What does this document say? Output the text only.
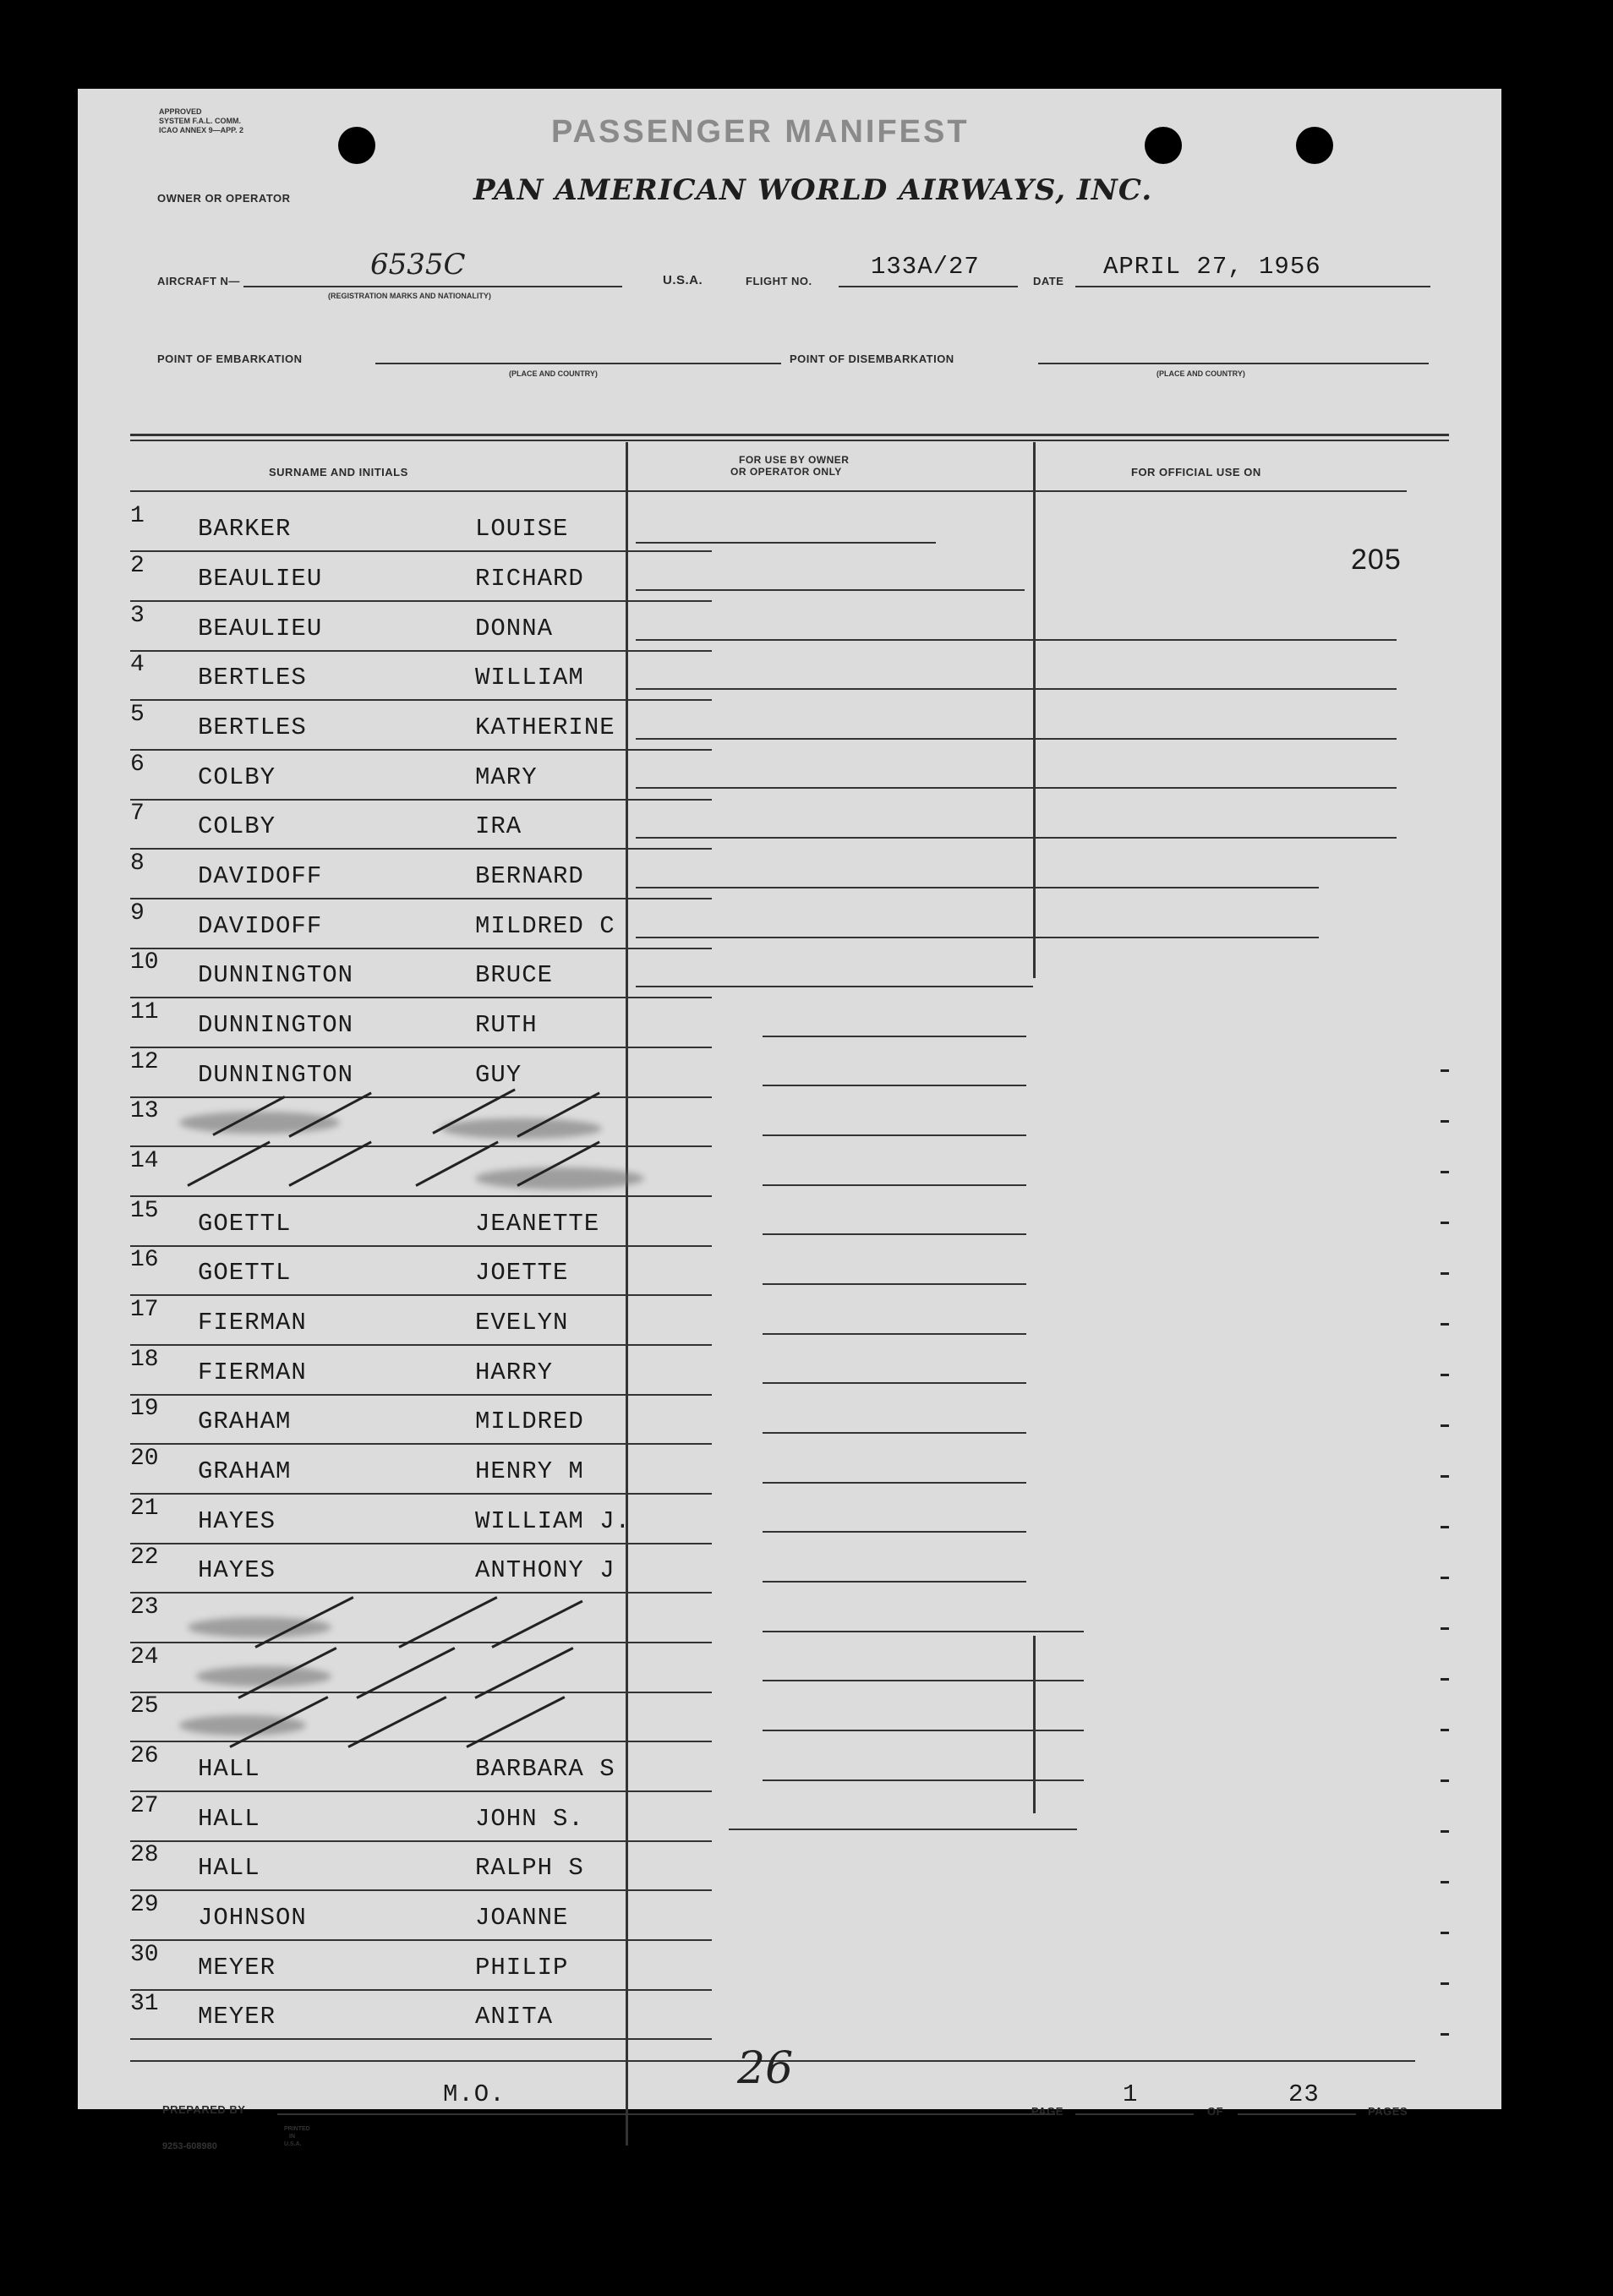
APPROVED
SYSTEM F.A.L. COMM.
ICAO ANNEX 9—APP. 2
OWNER OR OPERATOR
PASSENGER MANIFEST
PAN AMERICAN WORLD AIRWAYS, INC.
AIRCRAFT N—	6535C
(REGISTRATION MARKS AND NATIONALITY)
U.S.A.	FLIGHT NO.
133A/27
DATE
APRIL 27, 1956
POINT OF EMBARKATION
(PLACE AND COUNTRY)
POINT OF DISEMBARKATION
(PLACE AND COUNTRY)
SURNAME AND INITIALS
FOR USE BY OWNER
OR OPERATOR ONLY	FOR OFFICIAL USE ON
205
1	BARKER	LOUISE
2	BEAULIEU	RICHARD
3	BEAULIEU	DONNA
4	BERTLES	WILLIAM
5	BERTLES	KATHERINE
6	COLBY	MARY
7	COLBY	IRA
8	DAVIDOFF	BERNARD
9	DAVIDOFF	MILDRED C
10	DUNNINGTON	BRUCE
11	DUNNINGTON	RUTH
12	DUNNINGTON	GUY
13
14
15	GOETTL	JEANETTE
16	GOETTL	JOETTE
17	FIERMAN	EVELYN
18	FIERMAN	HARRY
19	GRAHAM	MILDRED
20	GRAHAM	HENRY M
21	HAYES	WILLIAM J.
22	HAYES	ANTHONY J
23
24
25
26	HALL	BARBARA S
27	HALL	JOHN S.
28	HALL	RALPH S
29	JOHNSON	JOANNE
30	MEYER	PHILIP
31	MEYER	ANITA
26
PREPARED BY
M.O.
PAGE
1
OF
23
PAGES
9253-608980
PRINTED
IN
U.S.A.
